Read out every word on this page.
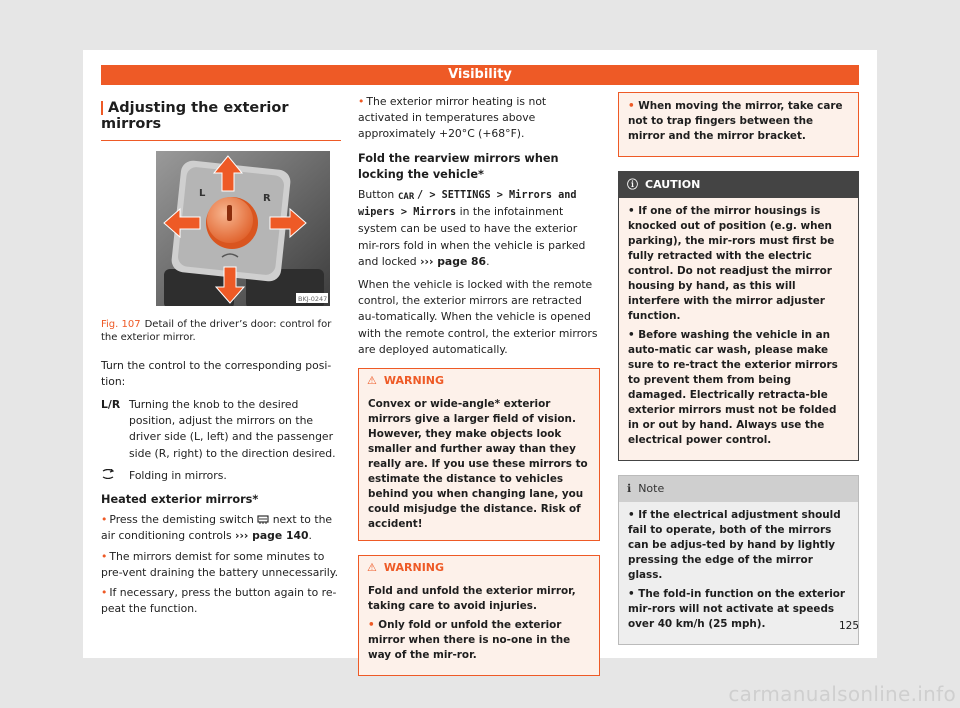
Visibility
Adjusting the exterior mirrors
L	R
BKJ-0247
Fig. 107 Detail of the driver’s door: control for the exterior mirror.

Turn the control to the corresponding posi-tion:

L/R Turning the knob to the desired position, adjust the mirrors on the driver side (L, left) and the passenger side (R, right) to the direction desired.
Folding in mirrors.
Heated exterior mirrors*
• Press the demisting switch next to the air conditioning controls ››› page 140.
• The mirrors demist for some minutes to pre-vent draining the battery unnecessarily.
• If necessary, press the button again to re-peat the function.
• The exterior mirror heating is not activated in temperatures above approximately +20°C (+68°F).
Fold the rearview mirrors when locking the vehicle*

Button CAR / > SETTINGS > Mirrors and wipers > Mirrors in the infotainment system can be used to have the exterior mir-rors fold in when the vehicle is parked and locked ››› page 86.

When the vehicle is locked with the remote control, the exterior mirrors are retracted au-tomatically. When the vehicle is opened with the remote control, the exterior mirrors are deployed automatically.

⚠ WARNING
Convex or wide-angle* exterior mirrors give a larger field of vision. However, they make objects look smaller and further away than they really are. If you use these mirrors to estimate the distance to vehicles behind you when changing lane, you could misjudge the distance. Risk of accident!
⚠ WARNING

Fold and unfold the exterior mirror, taking care to avoid injuries.

• Only fold or unfold the exterior mirror when there is no-one in the way of the mir-ror.

• When moving the mirror, take care not to trap fingers between the mirror and the mirror bracket.

ⓘ CAUTION

• If one of the mirror housings is knocked out of position (e.g. when parking), the mir-rors must first be fully retracted with the electric control. Do not readjust the mirror housing by hand, as this will interfere with the mirror adjuster function.

• Before washing the vehicle in an auto-matic car wash, please make sure to re-tract the exterior mirrors to prevent them from being damaged. Electrically retracta-ble exterior mirrors must not be folded in or out by hand. Always use the electrical power control.

ℹ Note

• If the electrical adjustment should fail to operate, both of the mirrors can be adjus-ted by hand by lightly pressing the edge of the mirror glass.

• The fold-in function on the exterior mir-rors will not activate at speeds over 40 km/h (25 mph).	125
carmanualsonline.info
